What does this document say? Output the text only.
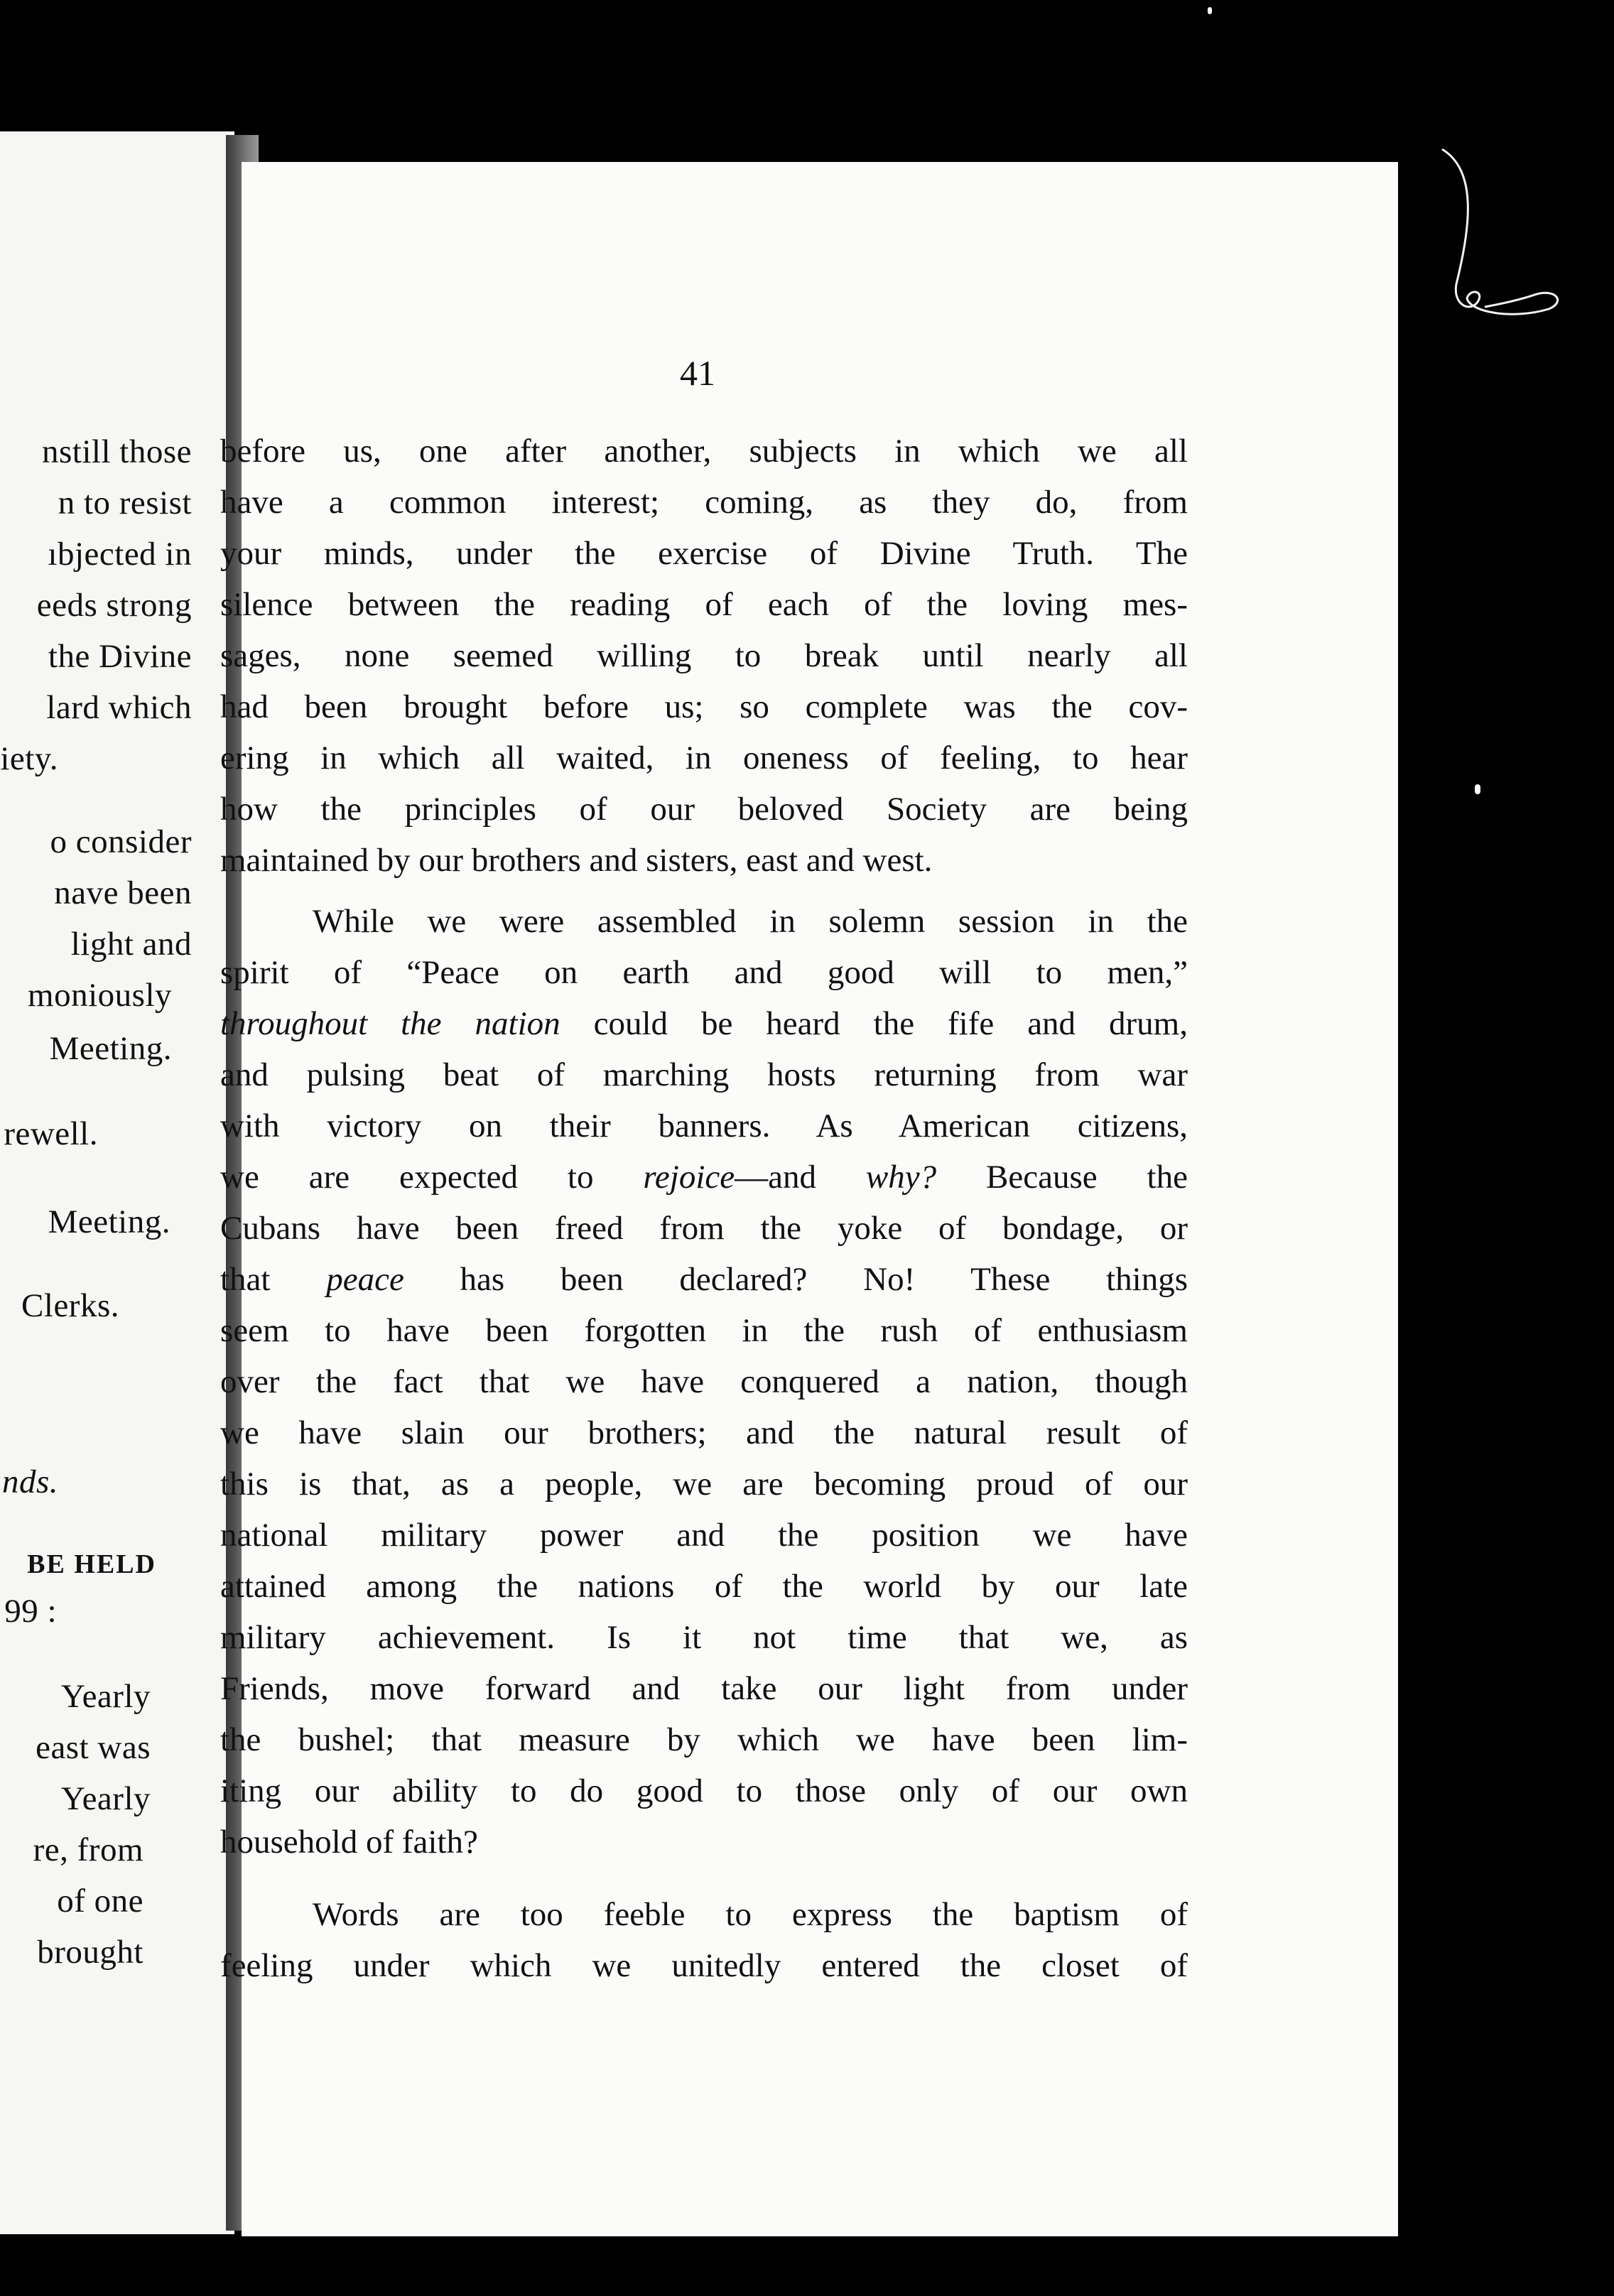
nstill those
n to resist
ıbjected in
eeds strong
the Divine
lard which
iety.
o consider
nave been
light and
moniously
Meeting.
rewell.
Meeting.
Clerks.
nds.
BE HELD
99 :
Yearly
east was
Yearly
re, from
of one
brought
41
before us, one after another, subjects in which we all
have a common interest; coming, as they do, from
your minds, under the exercise of Divine Truth. The
silence between the reading of each of the loving mes-
sages, none seemed willing to break until nearly all
had been brought before us; so complete was the cov-
ering in which all waited, in oneness of feeling, to hear
how the principles of our beloved Society are being
maintained by our brothers and sisters, east and west.
While we were assembled in solemn session in the
spirit of “Peace on earth and good will to men,”
throughout the nation could be heard the fife and drum,
and pulsing beat of marching hosts returning from war
with victory on their banners. As American citizens,
we are expected to rejoice—and why? Because the
Cubans have been freed from the yoke of bondage, or
that peace has been declared? No! These things
seem to have been forgotten in the rush of enthusiasm
over the fact that we have conquered a nation, though
we have slain our brothers; and the natural result of
this is that, as a people, we are becoming proud of our
national military power and the position we have
attained among the nations of the world by our late
military achievement. Is it not time that we, as
Friends, move forward and take our light from under
the bushel; that measure by which we have been lim-
iting our ability to do good to those only of our own
household of faith?
Words are too feeble to express the baptism of
feeling under which we unitedly entered the closet of
